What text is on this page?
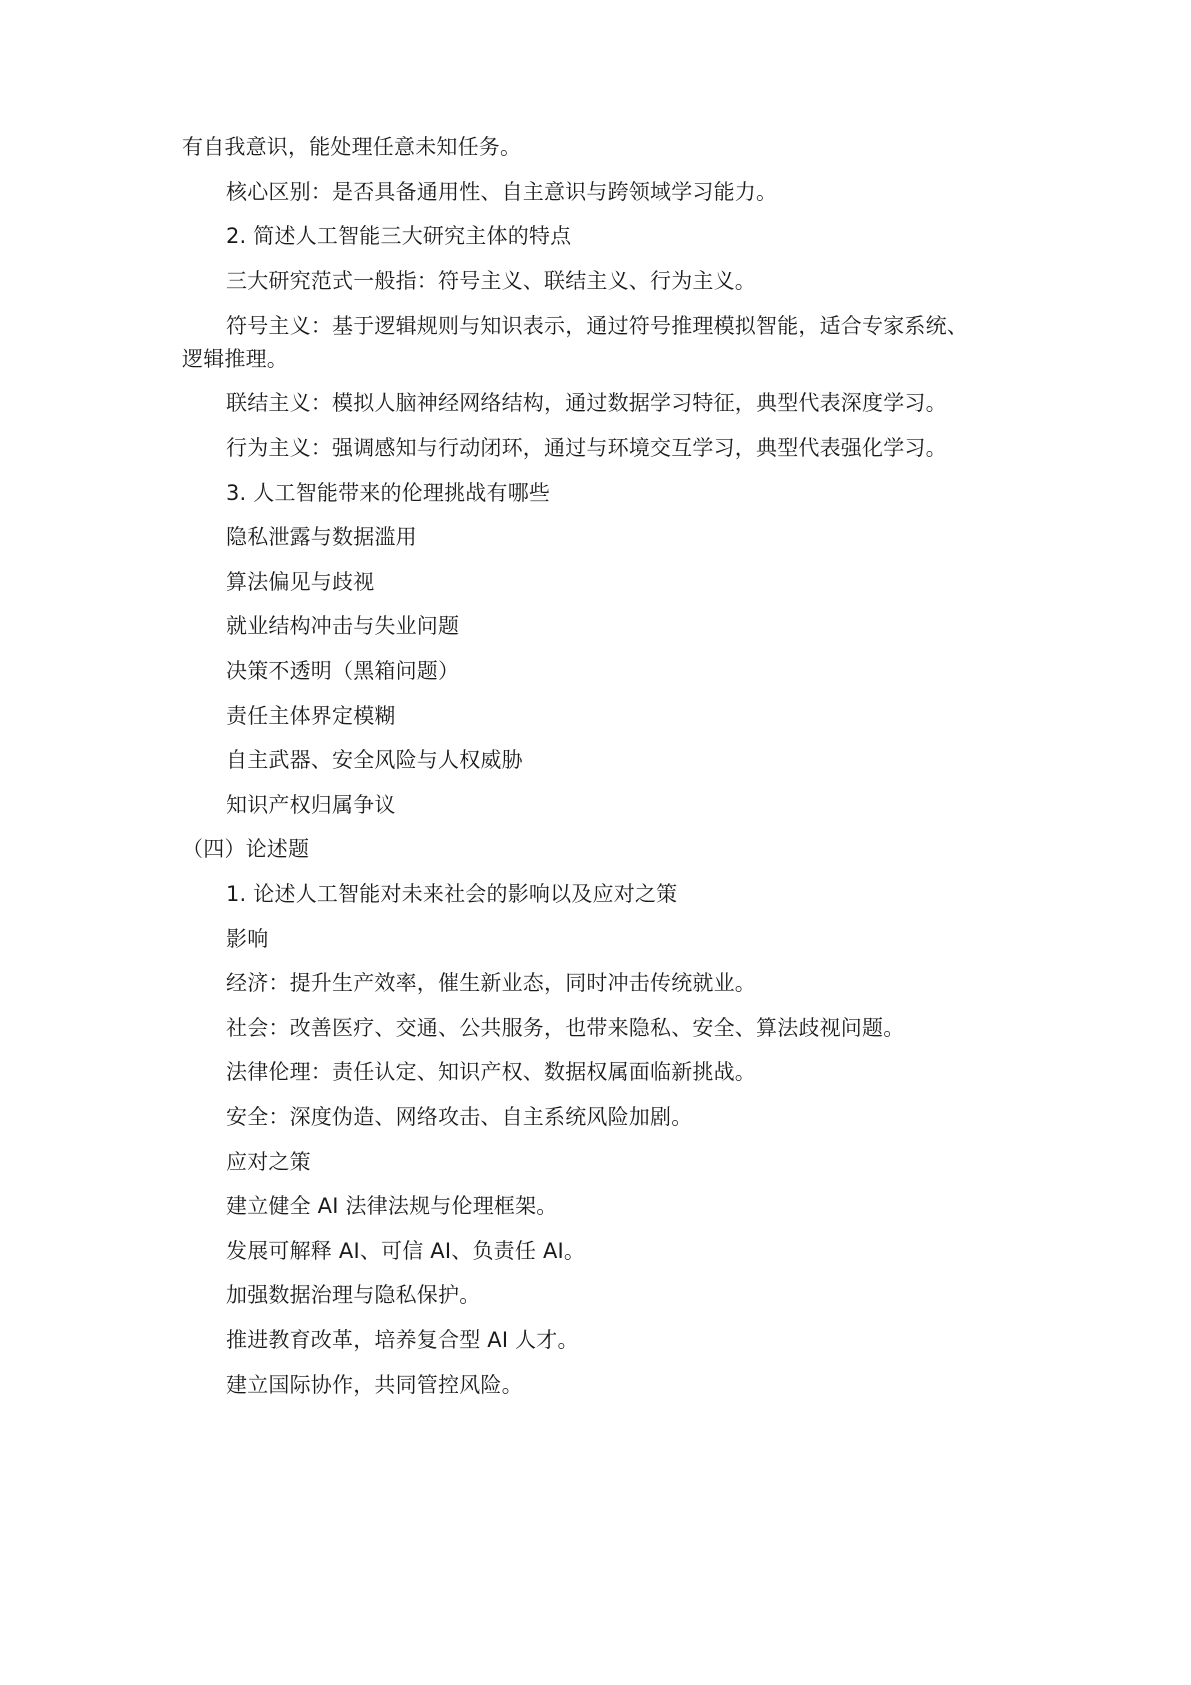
有自我意识，能处理任意未知任务。

核心区别：是否具备通用性、自主意识与跨领域学习能力。

2. 简述人工智能三大研究主体的特点

三大研究范式一般指：符号主义、联结主义、行为主义。

符号主义：基于逻辑规则与知识表示，通过符号推理模拟智能，适合专家系统、

逻辑推理。

联结主义：模拟人脑神经网络结构，通过数据学习特征，典型代表深度学习。

行为主义：强调感知与行动闭环，通过与环境交互学习，典型代表强化学习。

3. 人工智能带来的伦理挑战有哪些

隐私泄露与数据滥用

算法偏见与歧视

就业结构冲击与失业问题

决策不透明（黑箱问题）

责任主体界定模糊

自主武器、安全风险与人权威胁

知识产权归属争议

（四）论述题

1. 论述人工智能对未来社会的影响以及应对之策

影响

经济：提升生产效率，催生新业态，同时冲击传统就业。

社会：改善医疗、交通、公共服务，也带来隐私、安全、算法歧视问题。

法律伦理：责任认定、知识产权、数据权属面临新挑战。

安全：深度伪造、网络攻击、自主系统风险加剧。

应对之策

建立健全 AI 法律法规与伦理框架。

发展可解释 AI、可信 AI、负责任 AI。

加强数据治理与隐私保护。

推进教育改革，培养复合型 AI 人才。

建立国际协作，共同管控风险。
